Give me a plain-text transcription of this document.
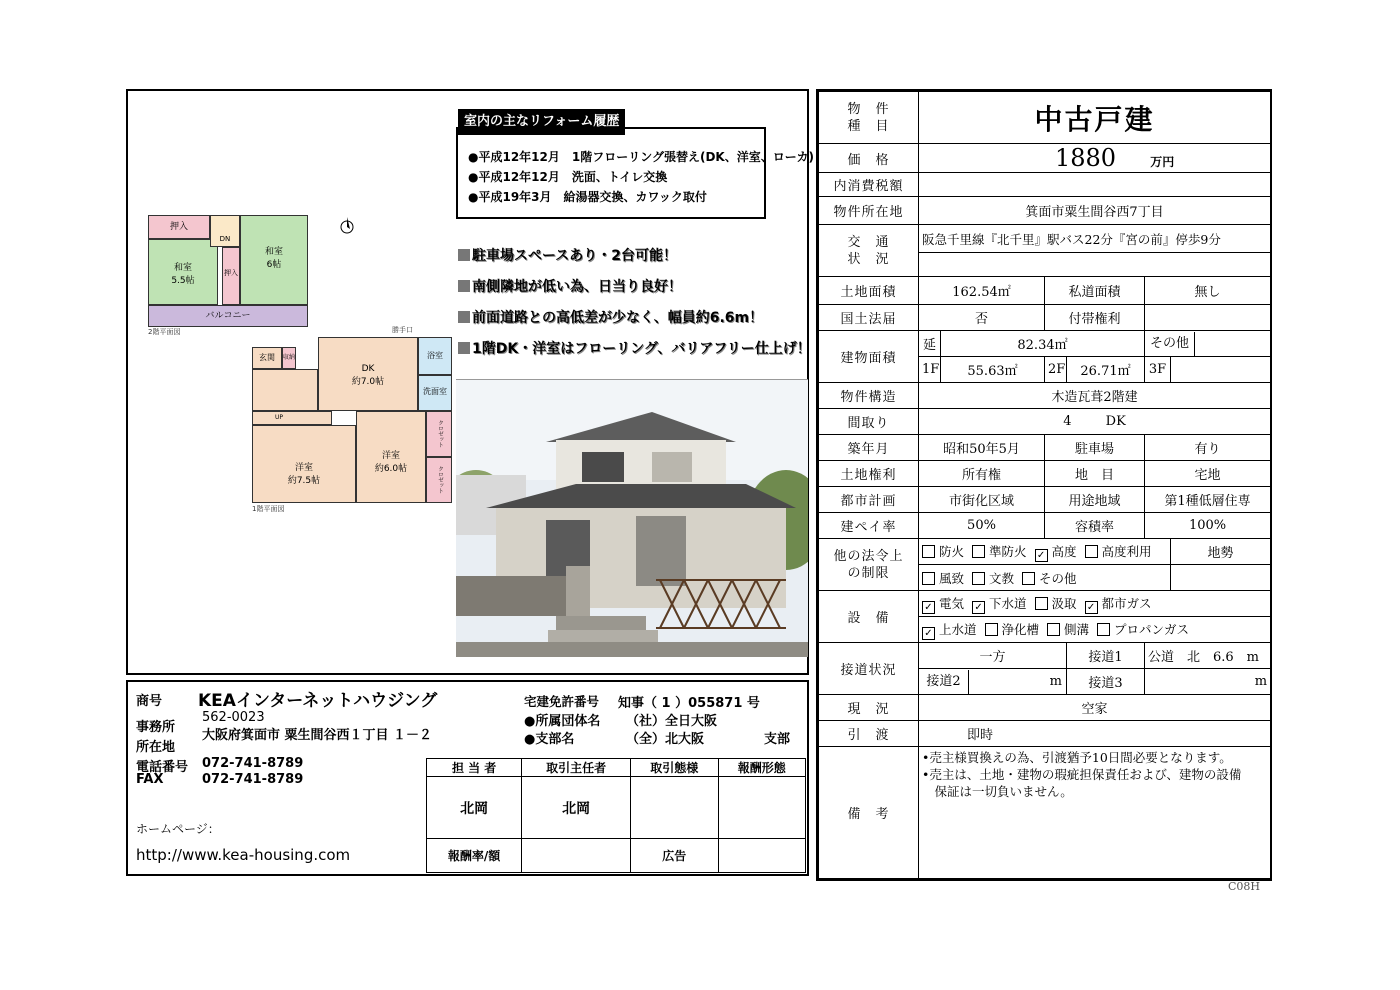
室内の主なリフォーム履歴
●平成12年12月　1階フローリング張替え(DK、洋室、ローカ)
●平成12年12月　洗面、トイレ交換
●平成19年3月　給湯器交換、カワック取付
押入
和室
5.5帖
DN
押入
和室
6帖
バルコニー
2階平面図
玄関	収納
DK
約7.0帖
浴室
洗面室
UP
洋室
約7.5帖
洋室
約6.0帖
クロゼット
クロゼット
勝手口
1階平面図
駐車場スペースあり・2台可能！
南側隣地が低い為、日当り良好！
前面道路との高低差が少なく、幅員約6.6m！
1階DK・洋室はフローリング、バリアフリー仕上げ！
商号 KEAインターネットハウジング	宅建免許番号 知事（ 1 ）055871 号
事務所
所在地
562-0023
大阪府箕面市 粟生間谷西１丁目 １－２
●所属団体名 （社）全日大阪
●支部名	（全）北大阪	支部
電話番号 072-741-8789
FAX	072-741-8789
ホームページ：
http://www.kea-housing.com
担 当 者	取引主任者	取引態様	報酬形態
北岡	北岡		
報酬率/額		広告	
物　件
種　目	中古戸建					
価　格	1880 万円					
内消費税額						
物件所在地	箕面市粟生間谷西7丁目					
交　通
状　況	阪急千里線『北千里』駅バス22分『宮の前』停歩9分					

土地面積	162.54㎡		私道面積		無し	
国土法届	否		付帯権利			
建物面積	延	82.34㎡			その他	
	1F	55.63㎡	2F	26.71㎡	3F	
物件構造	木造瓦葺2階建					
間取り	4 DK					
築年月	昭和50年5月		駐車場		有り	
土地権利	所有権		地　目		宅地	
都市計画	市街化区域		用途地域		第1種低層住専	
建ペイ率	50%		容積率		100%	
他の法令上
の制限	防火 準防火 ✓ 高度 高度利用					地勢
	風致 文教 その他					
設　備	✓ 電気 ✓ 下水道 汲取 ✓ 都市ガス					
	✓ 上水道 浄化槽 側溝 プロパンガス					
接道状況	一方			接道1	公道　北　6.6　m	
	接道2 m			接道3	m	
現　況	空家					
引　渡	即時					
備　考	•売主様買換えの為、引渡猶予10日間必要となります。
•売主は、土地・建物の瑕疵担保責任および、建物の設備
　保証は一切負いません。					
C08H
